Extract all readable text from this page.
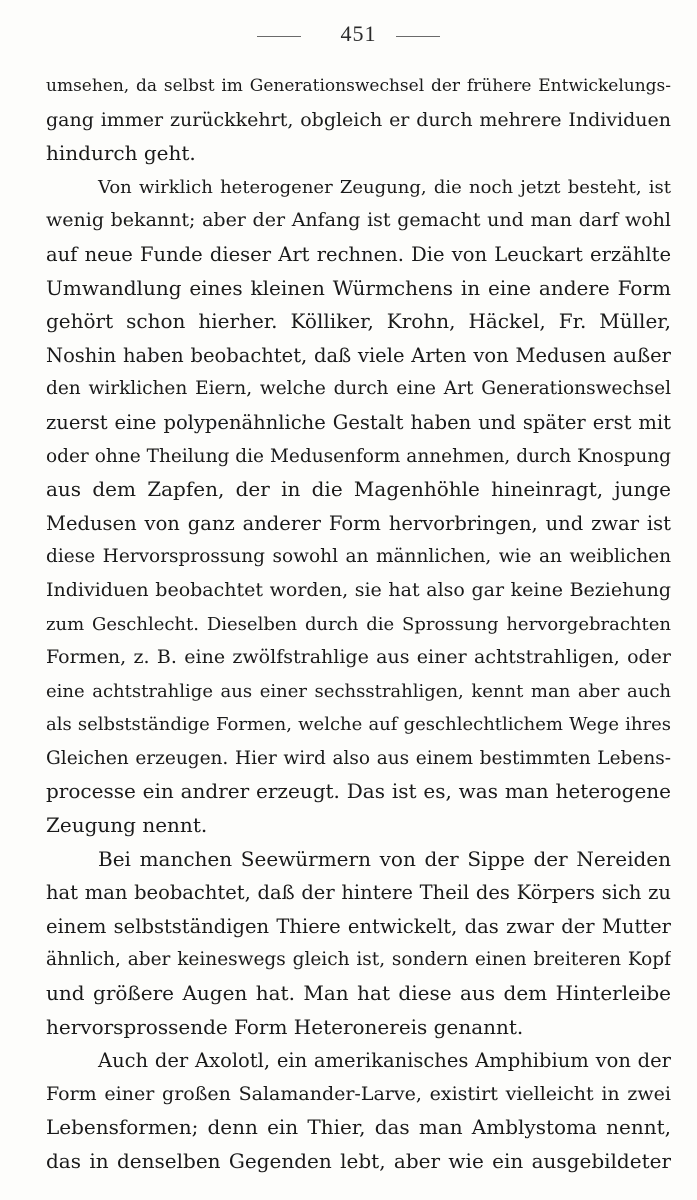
451
umsehen, da selbst im Generationswechsel der frühere Entwickelungs-
gang immer zurückkehrt, obgleich er durch mehrere Individuen
hindurch geht.
Von wirklich heterogener Zeugung, die noch jetzt besteht, ist
wenig bekannt; aber der Anfang ist gemacht und man darf wohl
auf neue Funde dieser Art rechnen. Die von Leuckart erzählte
Umwandlung eines kleinen Würmchens in eine andere Form
gehört schon hierher. Kölliker, Krohn, Häckel, Fr. Müller,
Noshin haben beobachtet, daß viele Arten von Medusen außer
den wirklichen Eiern, welche durch eine Art Generationswechsel
zuerst eine polypenähnliche Gestalt haben und später erst mit
oder ohne Theilung die Medusenform annehmen, durch Knospung
aus dem Zapfen, der in die Magenhöhle hineinragt, junge
Medusen von ganz anderer Form hervorbringen, und zwar ist
diese Hervorsprossung sowohl an männlichen, wie an weiblichen
Individuen beobachtet worden, sie hat also gar keine Beziehung
zum Geschlecht. Dieselben durch die Sprossung hervorgebrachten
Formen, z. B. eine zwölfstrahlige aus einer achtstrahligen, oder
eine achtstrahlige aus einer sechsstrahligen, kennt man aber auch
als selbstständige Formen, welche auf geschlechtlichem Wege ihres
Gleichen erzeugen. Hier wird also aus einem bestimmten Lebens-
processe ein andrer erzeugt. Das ist es, was man heterogene
Zeugung nennt.
Bei manchen Seewürmern von der Sippe der Nereiden
hat man beobachtet, daß der hintere Theil des Körpers sich zu
einem selbstständigen Thiere entwickelt, das zwar der Mutter
ähnlich, aber keineswegs gleich ist, sondern einen breiteren Kopf
und größere Augen hat. Man hat diese aus dem Hinterleibe
hervorsprossende Form Heteronereis genannt.
Auch der Axolotl, ein amerikanisches Amphibium von der
Form einer großen Salamander-Larve, existirt vielleicht in zwei
Lebensformen; denn ein Thier, das man Amblystoma nennt,
das in denselben Gegenden lebt, aber wie ein ausgebildeter
